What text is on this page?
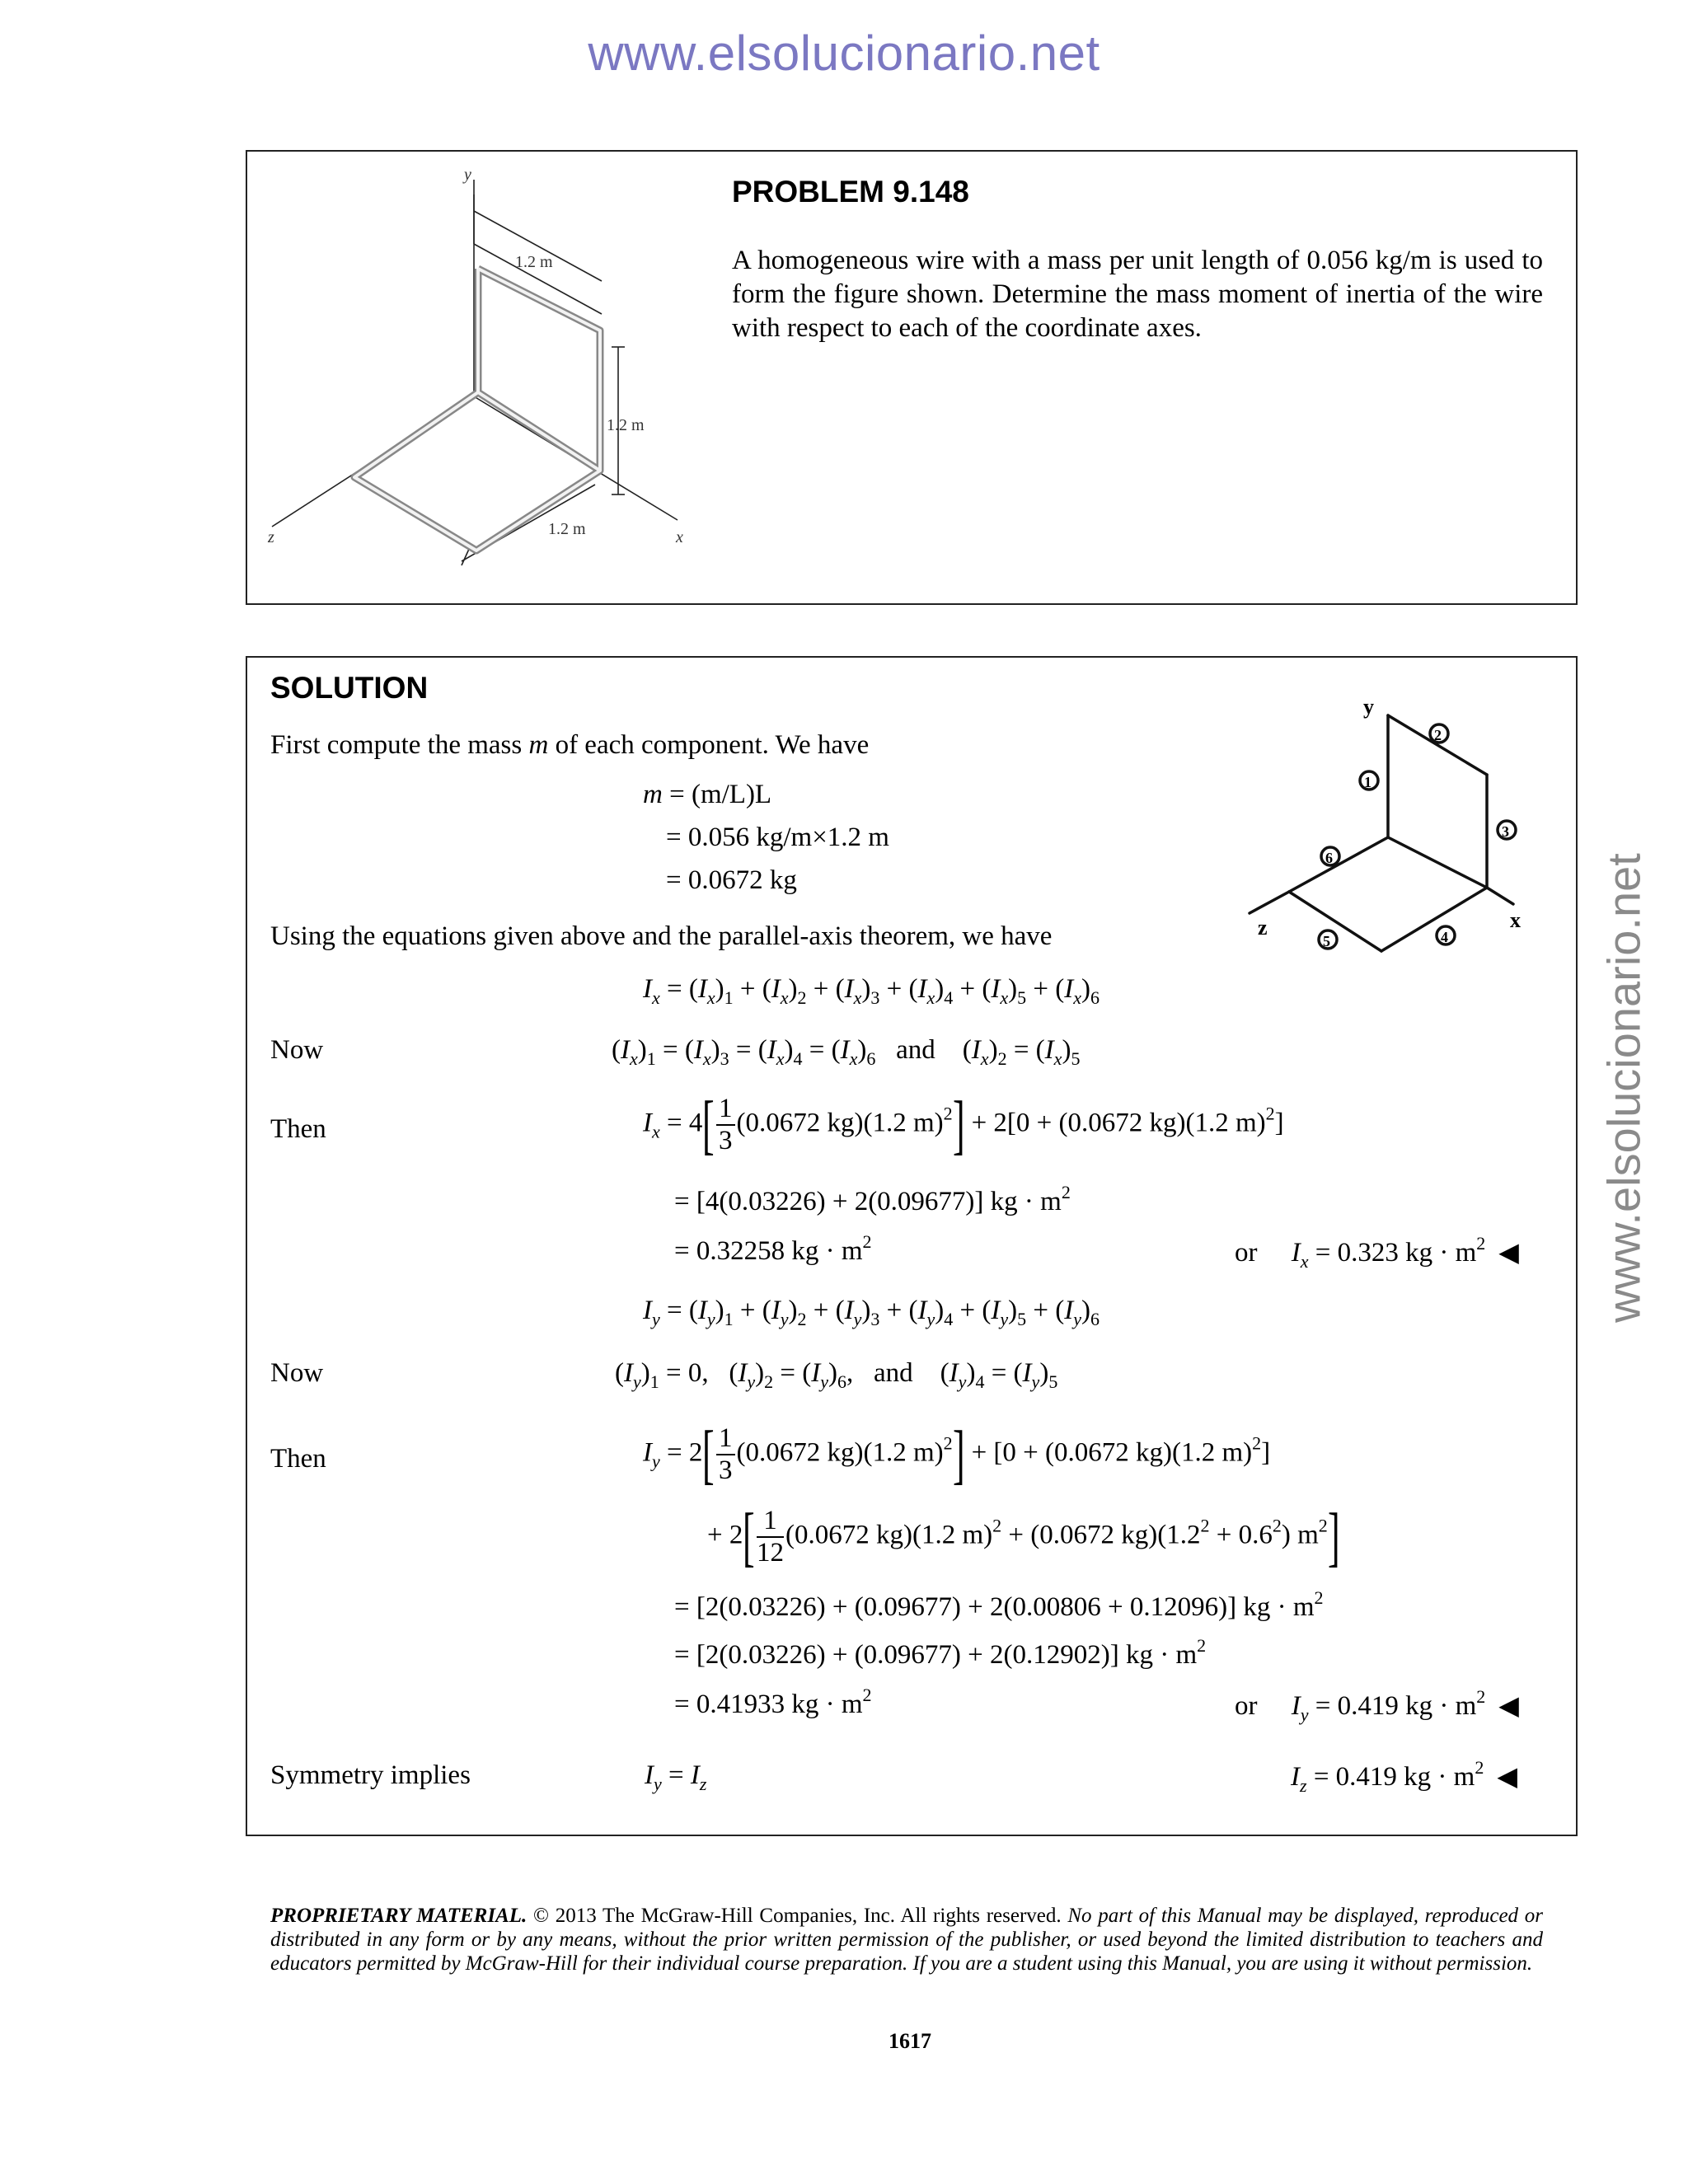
www.elsolucionario.net
www.elsolucionario.net
y
z	x
1.2 m
1.2 m
1.2 m
PROBLEM 9.148
A homogeneous wire with a mass per unit length of 0.056 kg/m is used to form the figure shown. Determine the mass moment of inertia of the wire with respect to each of the coordinate axes.
SOLUTION
y
1
2
3
4
5
6
z	x
First compute the mass m of each component. We have
m = (m/L)L
= 0.056 kg/m×1.2 m
= 0.0672 kg
Using the equations given above and the parallel-axis theorem, we have
$I_x = (I_x)_1 + (I_x)_2 + (I_x)_3 + (I_x)_4 + (I_x)_5 + (I_x)_6$
Now	$(I_x)_1 = (I_x)_3 = (I_x)_4 = (I_x)_6$ and    $(I_x)_2 = (I_x)_5$
Then	$I_x = 4[ \frac{1}{3} (0.0672$ kg)(1.2 m)$^2$] + 2[0 + (0.0672 kg)(1.2 m)$^2$]
= [4(0.03226) + 2(0.09677)] kg · $m^2$
= 0.32258 kg · $m^2$	or $I_x = 0.323$ kg · $m^2$ ◀
$I_y = (I_y)_1 + (I_y)_2 + (I_y)_3 + (I_y)_4 + (I_y)_5 + (I_y)_6$
Now	$(I_y)_1 = 0$,   $(I_y)_2 = (I_y)_6$,   and    $(I_y)_4 = (I_y)_5$
Then	$I_y = 2[ \frac{1}{3} (0.0672$ kg)(1.2 m)$^2$] + [0 + (0.0672 kg)(1.2 m)$^2$]
+ $2[ \frac{1}{12} (0.0672$ kg)(1.2 m)$^2$ + (0.0672 $kg)(1.2^2 + 0.6^2)$ $m^2$]
= [2(0.03226) + (0.09677) + 2(0.00806 + 0.12096)] kg · $m^2$
= [2(0.03226) + (0.09677) + 2(0.12902)] kg · $m^2$
= 0.41933 kg · $m^2$	or $I_y = 0.419$ kg · $m^2$ ◀
Symmetry implies	$I_y = I_z$	$I_z = 0.419$ kg · $m^2$ ◀
PROPRIETARY MATERIAL. © 2013 The McGraw-Hill Companies, Inc. All rights reserved. No part of this Manual may be displayed, reproduced or distributed in any form or by any means, without the prior written permission of the publisher, or used beyond the limited distribution to teachers and educators permitted by McGraw-Hill for their individual course preparation. If you are a student using this Manual, you are using it without permission.
1617
